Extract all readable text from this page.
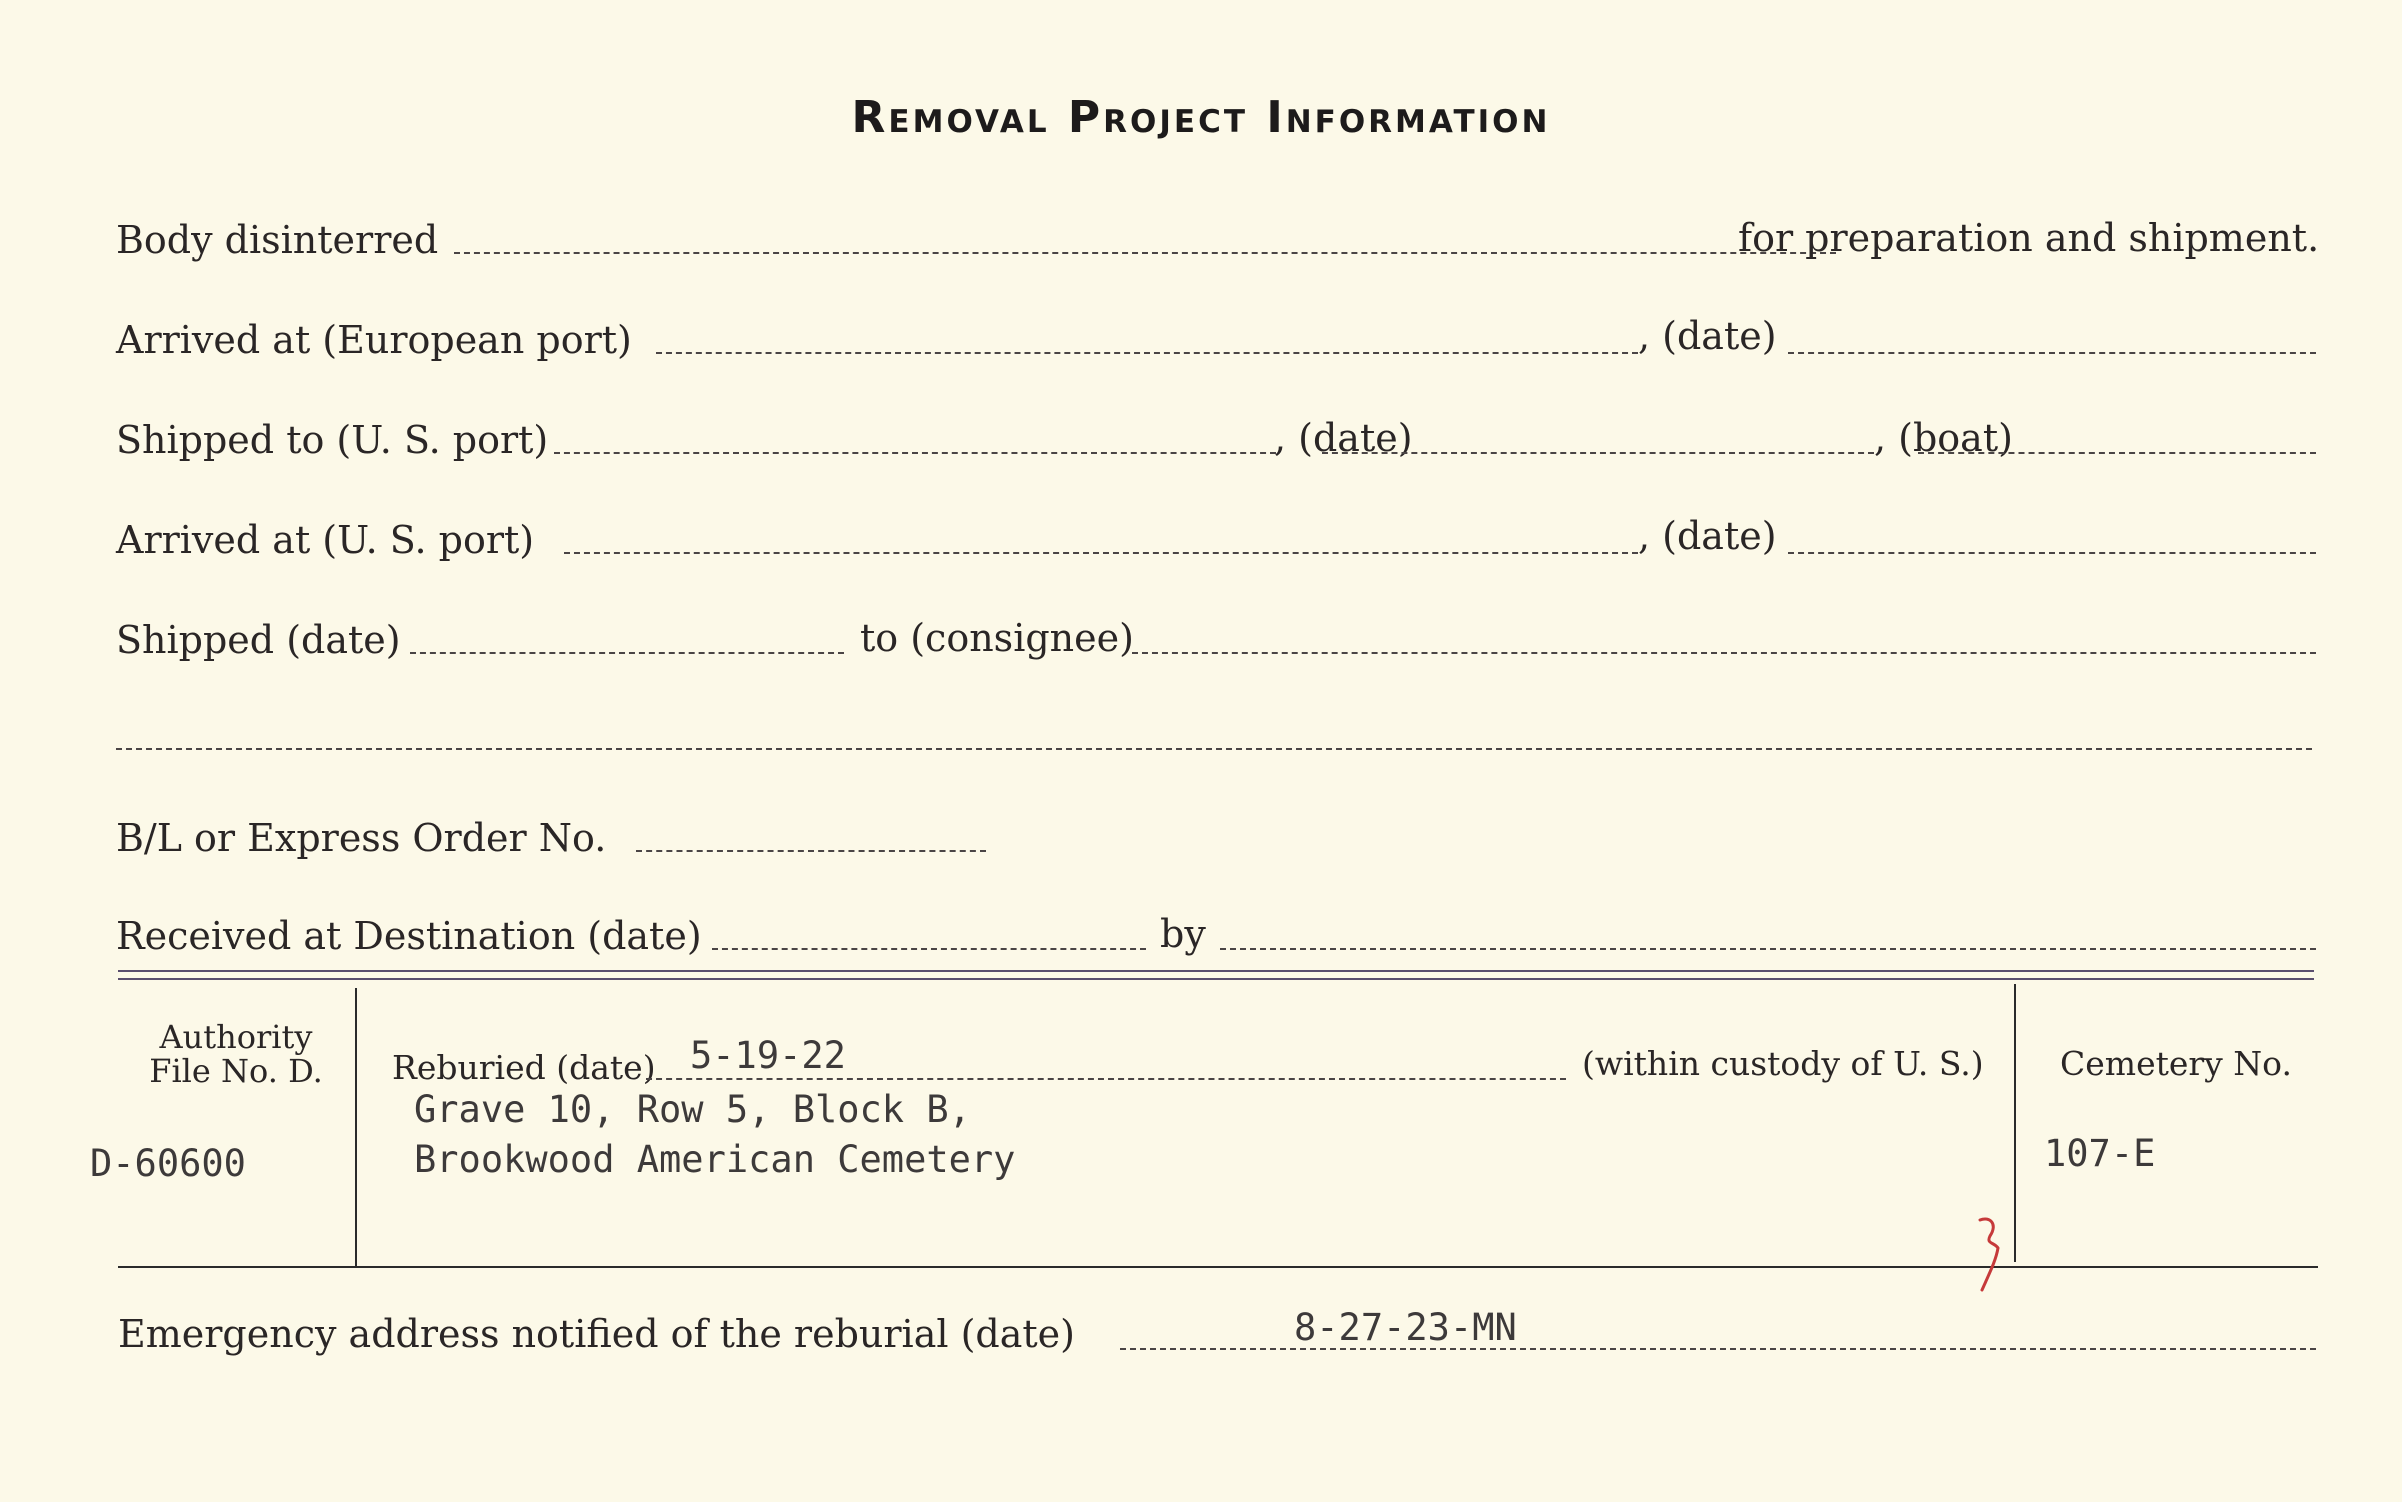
Removal Project Information
Body disinterred	for preparation and shipment.
Arrived at (European port)	, (date)
Shipped to (U. S. port)	, (date)	, (boat)
Arrived at (U. S. port)	, (date)
Shipped (date)	to (consignee)
B/L or Express Order No.
Received at Destination (date)	by
Authority
File No. D.
D-60600
Reburied (date) 5-19-22	(within custody of U. S.)
Grave 10, Row 5, Block B,
Brookwood American Cemetery
Cemetery No.
107-E
Emergency address notified of the reburial (date)	8-27-23-MN
